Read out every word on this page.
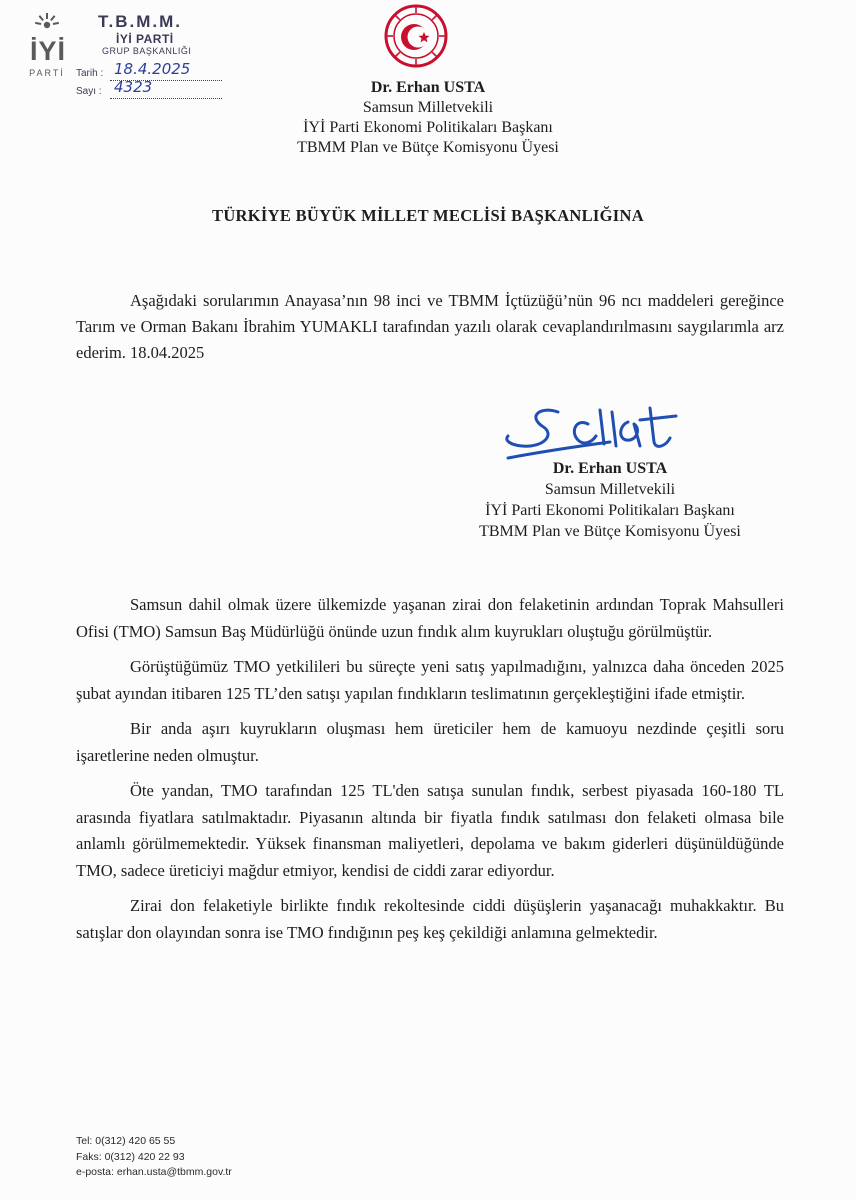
İYİ
PARTİ
T.B.M.M.
İYİ PARTİ
GRUP BAŞKANLIĞI
Tarih : 18.4.2025
Sayı : 4323	Dr. Erhan USTA
Samsun Milletvekili
İYİ Parti Ekonomi Politikaları Başkanı
TBMM Plan ve Bütçe Komisyonu Üyesi
TÜRKİYE BÜYÜK MİLLET MECLİSİ BAŞKANLIĞINA
Aşağıdaki sorularımın Anayasa’nın 98 inci ve TBMM İçtüzüğü’nün 96 ncı maddeleri gereğince Tarım ve Orman Bakanı İbrahim YUMAKLI tarafından yazılı olarak cevaplandırılmasını saygılarımla arz ederim. 18.04.2025
Dr. Erhan USTA
Samsun Milletvekili
İYİ Parti Ekonomi Politikaları Başkanı
TBMM Plan ve Bütçe Komisyonu Üyesi

Samsun dahil olmak üzere ülkemizde yaşanan zirai don felaketinin ardından Toprak Mahsulleri Ofisi (TMO) Samsun Baş Müdürlüğü önünde uzun fındık alım kuyrukları oluştuğu görülmüştür.

Görüştüğümüz TMO yetkilileri bu süreçte yeni satış yapılmadığını, yalnızca daha önceden 2025 şubat ayından itibaren 125 TL’den satışı yapılan fındıkların teslimatının gerçekleştiğini ifade etmiştir.

Bir anda aşırı kuyrukların oluşması hem üreticiler hem de kamuoyu nezdinde çeşitli soru işaretlerine neden olmuştur.

Öte yandan, TMO tarafından 125 TL'den satışa sunulan fındık, serbest piyasada 160-180 TL arasında fiyatlara satılmaktadır. Piyasanın altında bir fiyatla fındık satılması don felaketi olmasa bile anlamlı görülmemektedir. Yüksek finansman maliyetleri, depolama ve bakım giderleri düşünüldüğünde TMO, sadece üreticiyi mağdur etmiyor, kendisi de ciddi zarar ediyordur.

Zirai don felaketiyle birlikte fındık rekoltesinde ciddi düşüşlerin yaşanacağı muhakkaktır. Bu satışlar don olayından sonra ise TMO fındığının peş keş çekildiği anlamına gelmektedir.

Tel: 0(312) 420 65 55
Faks: 0(312) 420 22 93
e-posta: erhan.usta@tbmm.gov.tr
